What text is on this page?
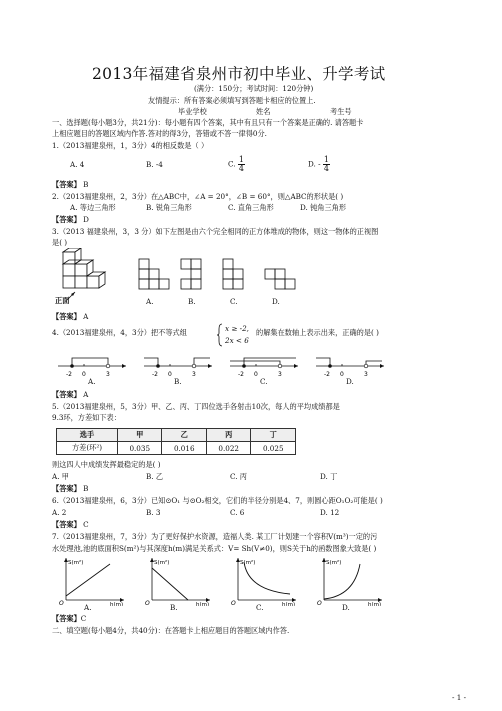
2013年福建省泉州市初中毕业、升学考试
(满分：150分；考试时间：120分钟)
友情提示：所有答案必须填写到答题卡相应的位置上.
毕业学校	姓名	考生号
一、选择题(每小题3分，共21分)：每小题有四个答案，其中有且只有一个答案是正确的. 请答题卡
上相应题目的答题区域内作答.答对的得3分，答错或不答一律得0分.
1.（2013福建泉州，1，3分）4的相反数是（ ）
A. 4	B. -4	C. $\frac{1}{4}$	D. - $\frac{1}{4}$
【答案】 B
2.（2013福建泉州，2，3分）在△ABC中，∠A = 20°，∠B = 60°，则△ABC的形状是( )
A. 等边三角形	B. 锐角三角形	C. 直角三角形	D. 钝角三角形
【答案】 D
3.（2013 福建泉州，3，3 分）如下左图是由六个完全相同的正方体堆成的物体，则这一物体的正视图
是( )
正面	A.	B.	C.	D.
【答案】 A
4.（2013福建泉州，4，3分）把不等式组	x ≥ -2,
2x < 6
的解集在数轴上表示出来，正确的是( )
-2 0	3	-2 0	3	-2 0	3	-2 0	3
A.	B.	C.	D.
【答案】 A
5.（2013福建泉州，5，3分）甲、乙、丙、丁四位选手各射击10次，每人的平均成绩都是
9.3环，方差如下表：
选手	甲	乙	丙	丁
方差(环²)	0.035	0.016	0.022	0.025
则这四人中成绩发挥最稳定的是( )
A. 甲	B. 乙	C. 丙	D. 丁
【答案】 B
6.（2013福建泉州，6，3分）已知⊙O₁ 与⊙O₂相交，它们的半径分别是4、7，则圆心距O₁O₂可能是( )
A. 2	B. 3	C. 6	D. 12
【答案】 C
7.（2013福建泉州，7，3分）为了更好保护水资源，造福人类. 某工厂计划建一个容积V(m³)一定的污
水处理池,池的底面积S(m²)与其深度h(m)满足关系式：V= Sh(V≠0)，则S关于h的函数图象大致是( )
S(m²)
h(m)
O
S(m²)
h(m)
O
S(m²)
h(m)
O
S(m²)
h(m)
O
A.	B.	C.	D.
【答案】C
二、填空题(每小题4分，共40分)：在答题卡上相应题目的答题区域内作答.
- 1 -
